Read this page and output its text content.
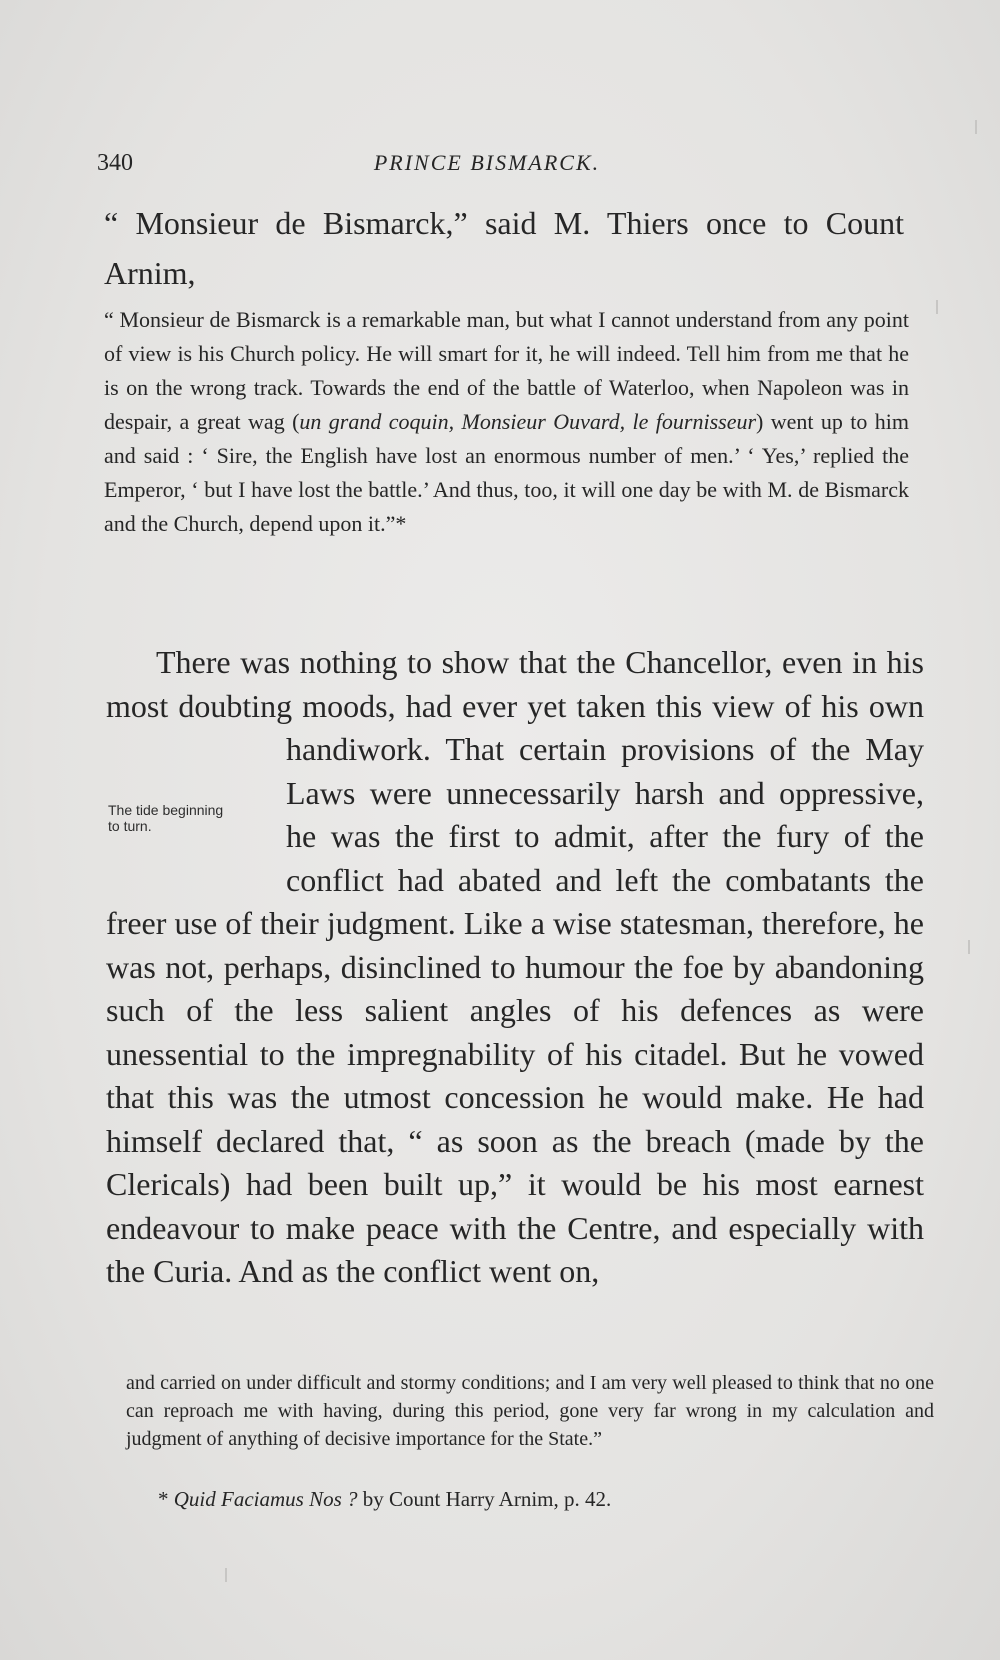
340	PRINCE BISMARCK.
“ Monsieur de Bismarck,” said M. Thiers once to Count Arnim,
“ Monsieur de Bismarck is a remarkable man, but what I cannot understand from any point of view is his Church policy. He will smart for it, he will indeed. Tell him from me that he is on the wrong track. Towards the end of the battle of Waterloo, when Napoleon was in despair, a great wag (un grand coquin, Monsieur Ouvard, le fournisseur) went up to him and said : ‘ Sire, the English have lost an enormous number of men.’ ‘ Yes,’ replied the Emperor, ‘ but I have lost the battle.’ And thus, too, it will one day be with M. de Bismarck and the Church, depend upon it.”*

There was nothing to show that the Chancellor, even in his most doubting moods, had ever yet taken this view of his own handiwork. That certain provisions of
The tide beginning to turn.
the May Laws were unnecessarily harsh and oppressive, he was the first to admit, after the fury of the conflict had abated and left the combatants the freer use of their judgment. Like a wise statesman, therefore, he was not, perhaps, disinclined to humour the foe by abandoning such of the less salient angles of his defences as were unessential to the impregnability of his citadel. But he vowed that this was the utmost concession he would make. He had himself declared that, “ as soon as the breach (made by the Clericals) had been built up,” it would be his most earnest endeavour to make peace with the Centre, and especially with the Curia. And as the conflict went on,

and carried on under difficult and stormy conditions; and I am very well pleased to think that no one can reproach me with having, during this period, gone very far wrong in my calculation and judgment of anything of decisive importance for the State.”
* Quid Faciamus Nos ? by Count Harry Arnim, p. 42.
